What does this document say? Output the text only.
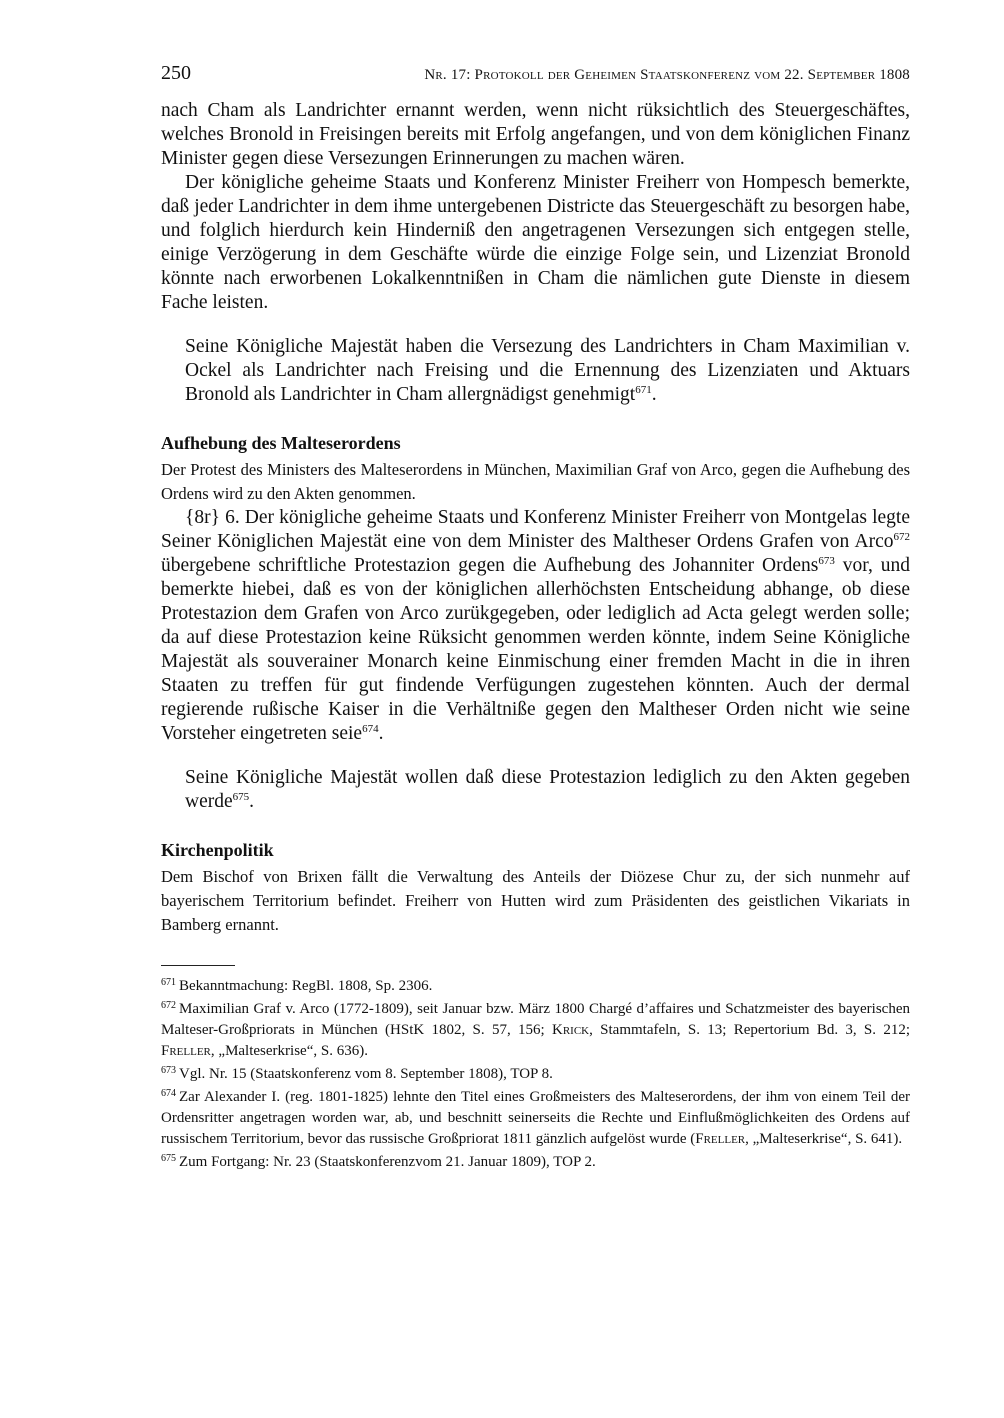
250	Nr. 17: Protokoll der Geheimen Staatskonferenz vom 22. September 1808

nach Cham als Landrichter ernannt werden, wenn nicht rüksichtlich des Steuergeschäftes, welches Bronold in Freisingen bereits mit Erfolg angefangen, und von dem königlichen Finanz Minister gegen diese Versezungen Erinnerungen zu machen wären.

Der königliche geheime Staats und Konferenz Minister Freiherr von Hompesch bemerkte, daß jeder Landrichter in dem ihme untergebenen Districte das Steuergeschäft zu besorgen habe, und folglich hierdurch kein Hinderniß den angetragenen Versezungen sich entgegen stelle, einige Verzögerung in dem Geschäfte würde die einzige Folge sein, und Lizenziat Bronold könnte nach erworbenen Lokalkenntnißen in Cham die nämlichen gute Dienste in diesem Fache leisten.

Seine Königliche Majestät haben die Versezung des Landrichters in Cham Maximilian v. Ockel als Landrichter nach Freising und die Ernennung des Lizenziaten und Aktuars Bronold als Landrichter in Cham allergnädigst genehmigt$^{671}$.

Aufhebung des Malteserordens

Der Protest des Ministers des Malteserordens in München, Maximilian Graf von Arco, gegen die Aufhebung des Ordens wird zu den Akten genommen.

{8r} 6. Der königliche geheime Staats und Konferenz Minister Freiherr von Montgelas legte Seiner Königlichen Majestät eine von dem Minister des Maltheser Ordens Grafen von Arco$^{672}$ übergebene schriftliche Protestazion gegen die Aufhebung des Johanniter Ordens$^{673}$ vor, und bemerkte hiebei, daß es von der königlichen allerhöchsten Entscheidung abhange, ob diese Protestazion dem Grafen von Arco zurükgegeben, oder lediglich ad Acta gelegt werden solle; da auf diese Protestazion keine Rüksicht genommen werden könnte, indem Seine Königliche Majestät als souverainer Monarch keine Einmischung einer fremden Macht in die in ihren Staaten zu treffen für gut findende Verfügungen zugestehen könnten. Auch der dermal regierende rußische Kaiser in die Verhältniße gegen den Maltheser Orden nicht wie seine Vorsteher eingetreten seie$^{674}$.

Seine Königliche Majestät wollen daß diese Protestazion lediglich zu den Akten gegeben werde$^{675}$.

Kirchenpolitik

Dem Bischof von Brixen fällt die Verwaltung des Anteils der Diözese Chur zu, der sich nunmehr auf bayerischem Territorium befindet. Freiherr von Hutten wird zum Präsidenten des geistlichen Vikariats in Bamberg ernannt.

$^{671}$ Bekanntmachung: RegBl. 1808, Sp. 2306.

$^{672}$ Maximilian Graf v. Arco (1772-1809), seit Januar bzw. März 1800 Chargé d’affaires und Schatzmeister des bayerischen Malteser-Großpriorats in München (HStK 1802, S. 57, 156; Krick, Stammtafeln, S. 13; Repertorium Bd. 3, S. 212; Freller, „Malteserkrise“, S. 636).

$^{673}$ Vgl. Nr. 15 (Staatskonferenz vom 8. September 1808), TOP 8.

$^{674}$ Zar Alexander I. (reg. 1801-1825) lehnte den Titel eines Großmeisters des Malteserordens, der ihm von einem Teil der Ordensritter angetragen worden war, ab, und beschnitt seinerseits die Rechte und Einflußmöglichkeiten des Ordens auf russischem Territorium, bevor das russische Großpriorat 1811 gänzlich aufgelöst wurde (Freller, „Malteserkrise“, S. 641).

$^{675}$ Zum Fortgang: Nr. 23 (Staatskonferenzvom 21. Januar 1809), TOP 2.
